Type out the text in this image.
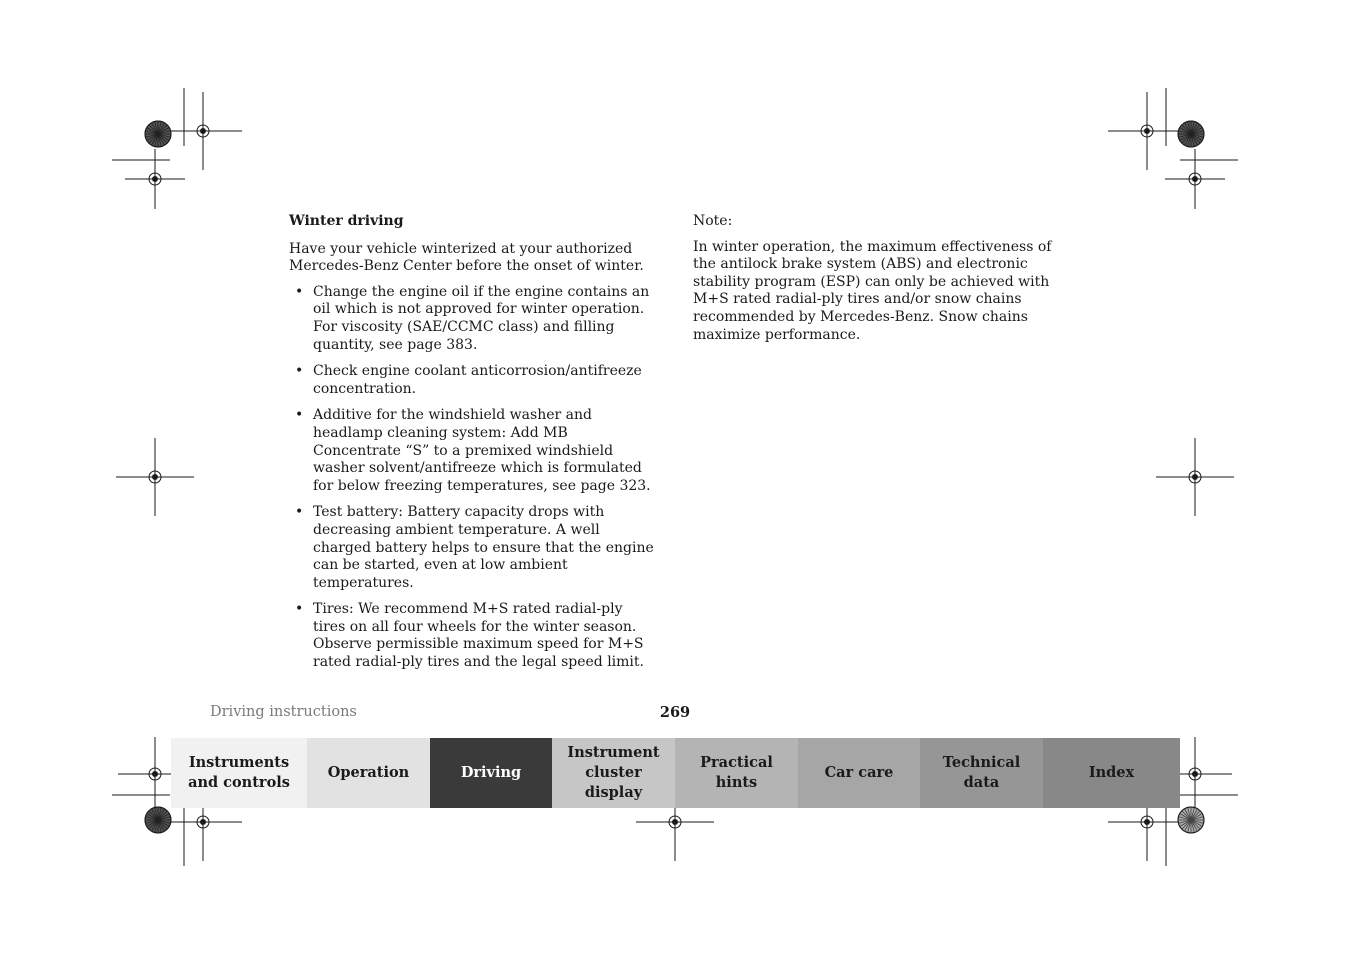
Winter driving
Have your vehicle winterized at your authorized Mercedes-Benz Center before the onset of winter.
• Change the engine oil if the engine contains an oil which is not approved for winter operation. For viscosity (SAE/CCMC class) and filling quantity, see page 383.
• Check engine coolant anticorrosion/antifreeze concentration.
• Additive for the windshield washer and headlamp cleaning system: Add MB Concentrate “S” to a premixed windshield washer solvent/antifreeze which is formulated for below freezing temperatures, see page 323.
• Test battery: Battery capacity drops with decreasing ambient temperature. A well charged battery helps to ensure that the engine can be started, even at low ambient temperatures.
• Tires: We recommend M+S rated radial-ply tires on all four wheels for the winter season. Observe permissible maximum speed for M+S rated radial-ply tires and the legal speed limit.
Note:
In winter operation, the maximum effectiveness of the antilock brake system (ABS) and electronic stability program (ESP) can only be achieved with M+S rated radial-ply tires and/or snow chains recommended by Mercedes-Benz. Snow chains maximize performance.
Driving instructions	269
Instruments
and controls
Operation	Driving
Instrument
cluster display
Practical hints
Car care
Technical
data
Index
